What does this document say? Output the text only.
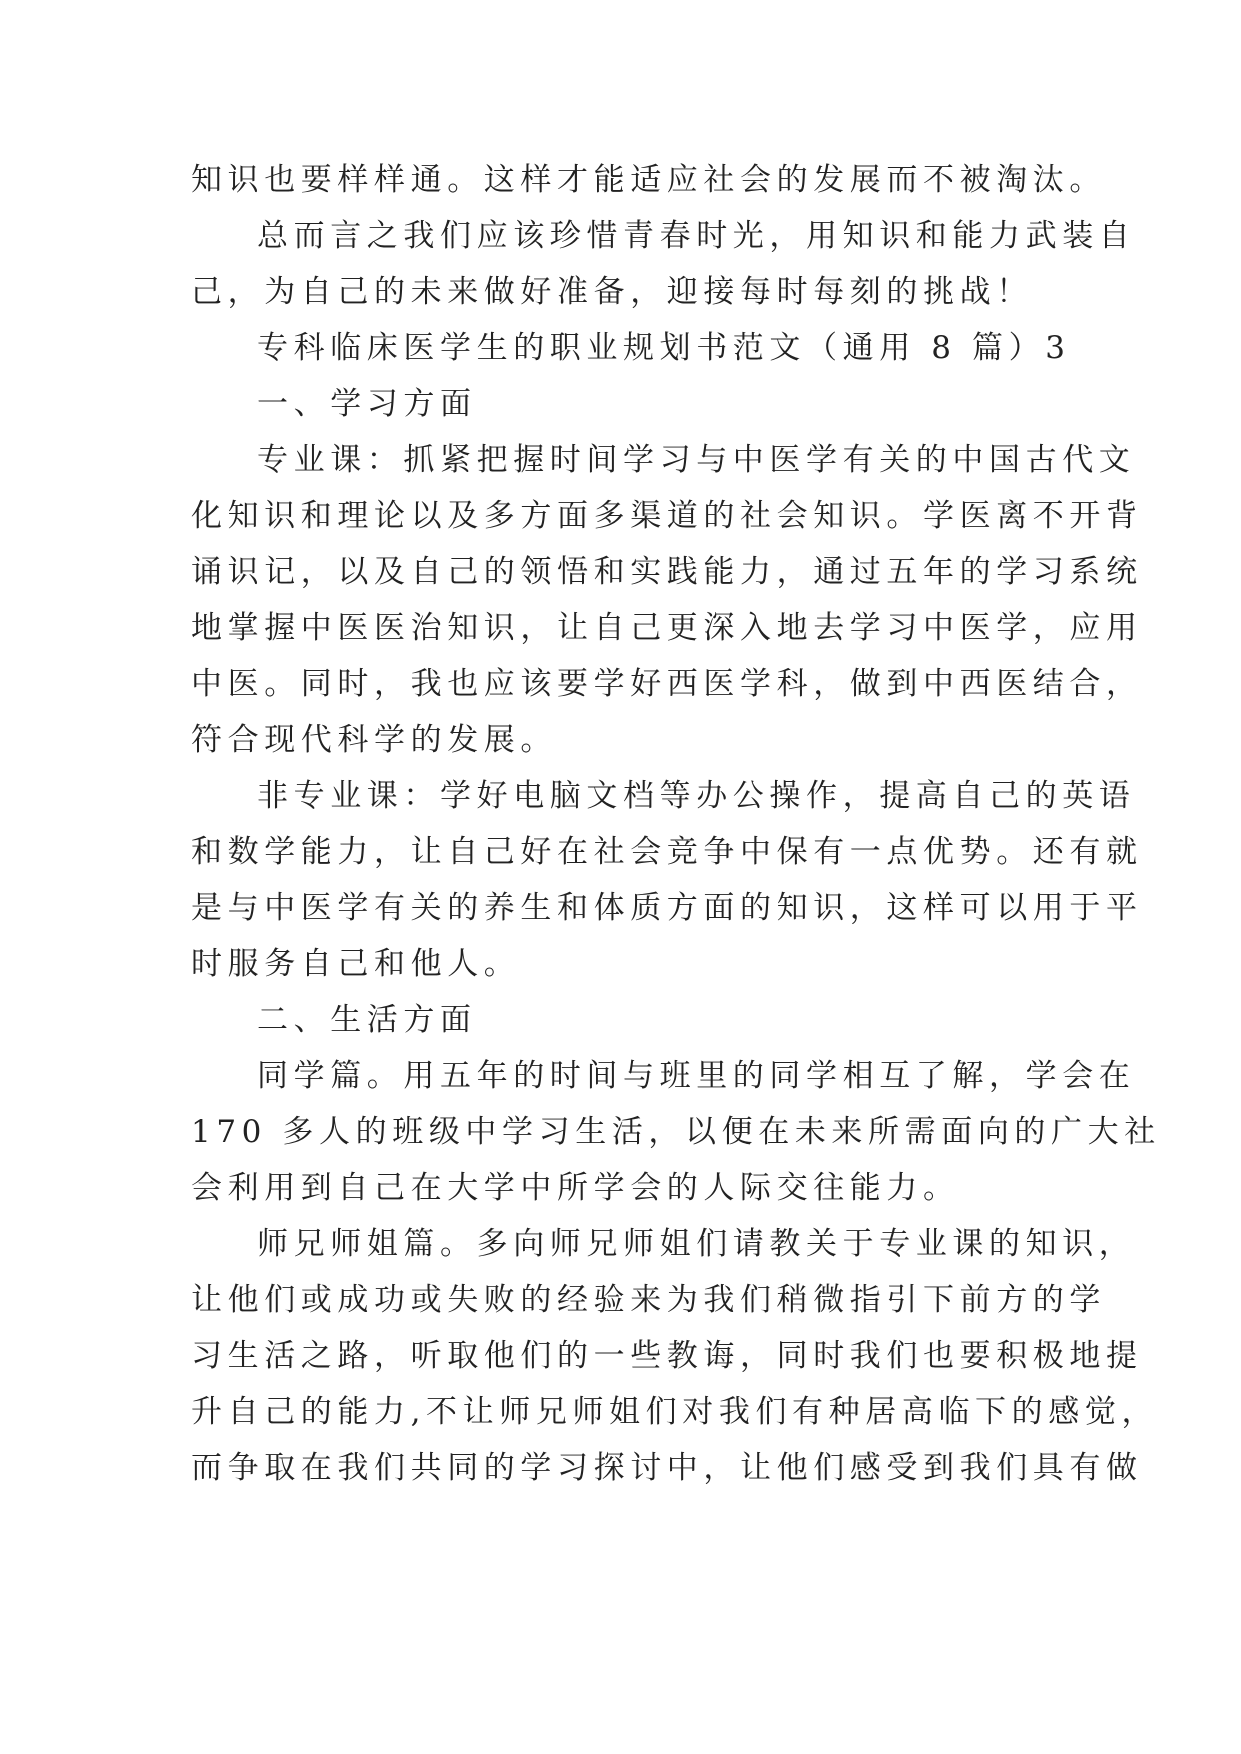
知识也要样样通。这样才能适应社会的发展而不被淘汰。
总而言之我们应该珍惜青春时光，用知识和能力武装自
己，为自己的未来做好准备，迎接每时每刻的挑战！
专科临床医学生的职业规划书范文（通用 8 篇）3
一、学习方面
专业课：抓紧把握时间学习与中医学有关的中国古代文
化知识和理论以及多方面多渠道的社会知识。学医离不开背
诵识记，以及自己的领悟和实践能力，通过五年的学习系统
地掌握中医医治知识，让自己更深入地去学习中医学，应用
中医。同时，我也应该要学好西医学科，做到中西医结合，
符合现代科学的发展。
非专业课：学好电脑文档等办公操作，提高自己的英语
和数学能力，让自己好在社会竞争中保有一点优势。还有就
是与中医学有关的养生和体质方面的知识，这样可以用于平
时服务自己和他人。
二、生活方面
同学篇。用五年的时间与班里的同学相互了解，学会在
170 多人的班级中学习生活，以便在未来所需面向的广大社
会利用到自己在大学中所学会的人际交往能力。
师兄师姐篇。多向师兄师姐们请教关于专业课的知识，
让他们或成功或失败的经验来为我们稍微指引下前方的学
习生活之路，听取他们的一些教诲，同时我们也要积极地提
升自己的能力,不让师兄师姐们对我们有种居高临下的感觉，
而争取在我们共同的学习探讨中，让他们感受到我们具有做
